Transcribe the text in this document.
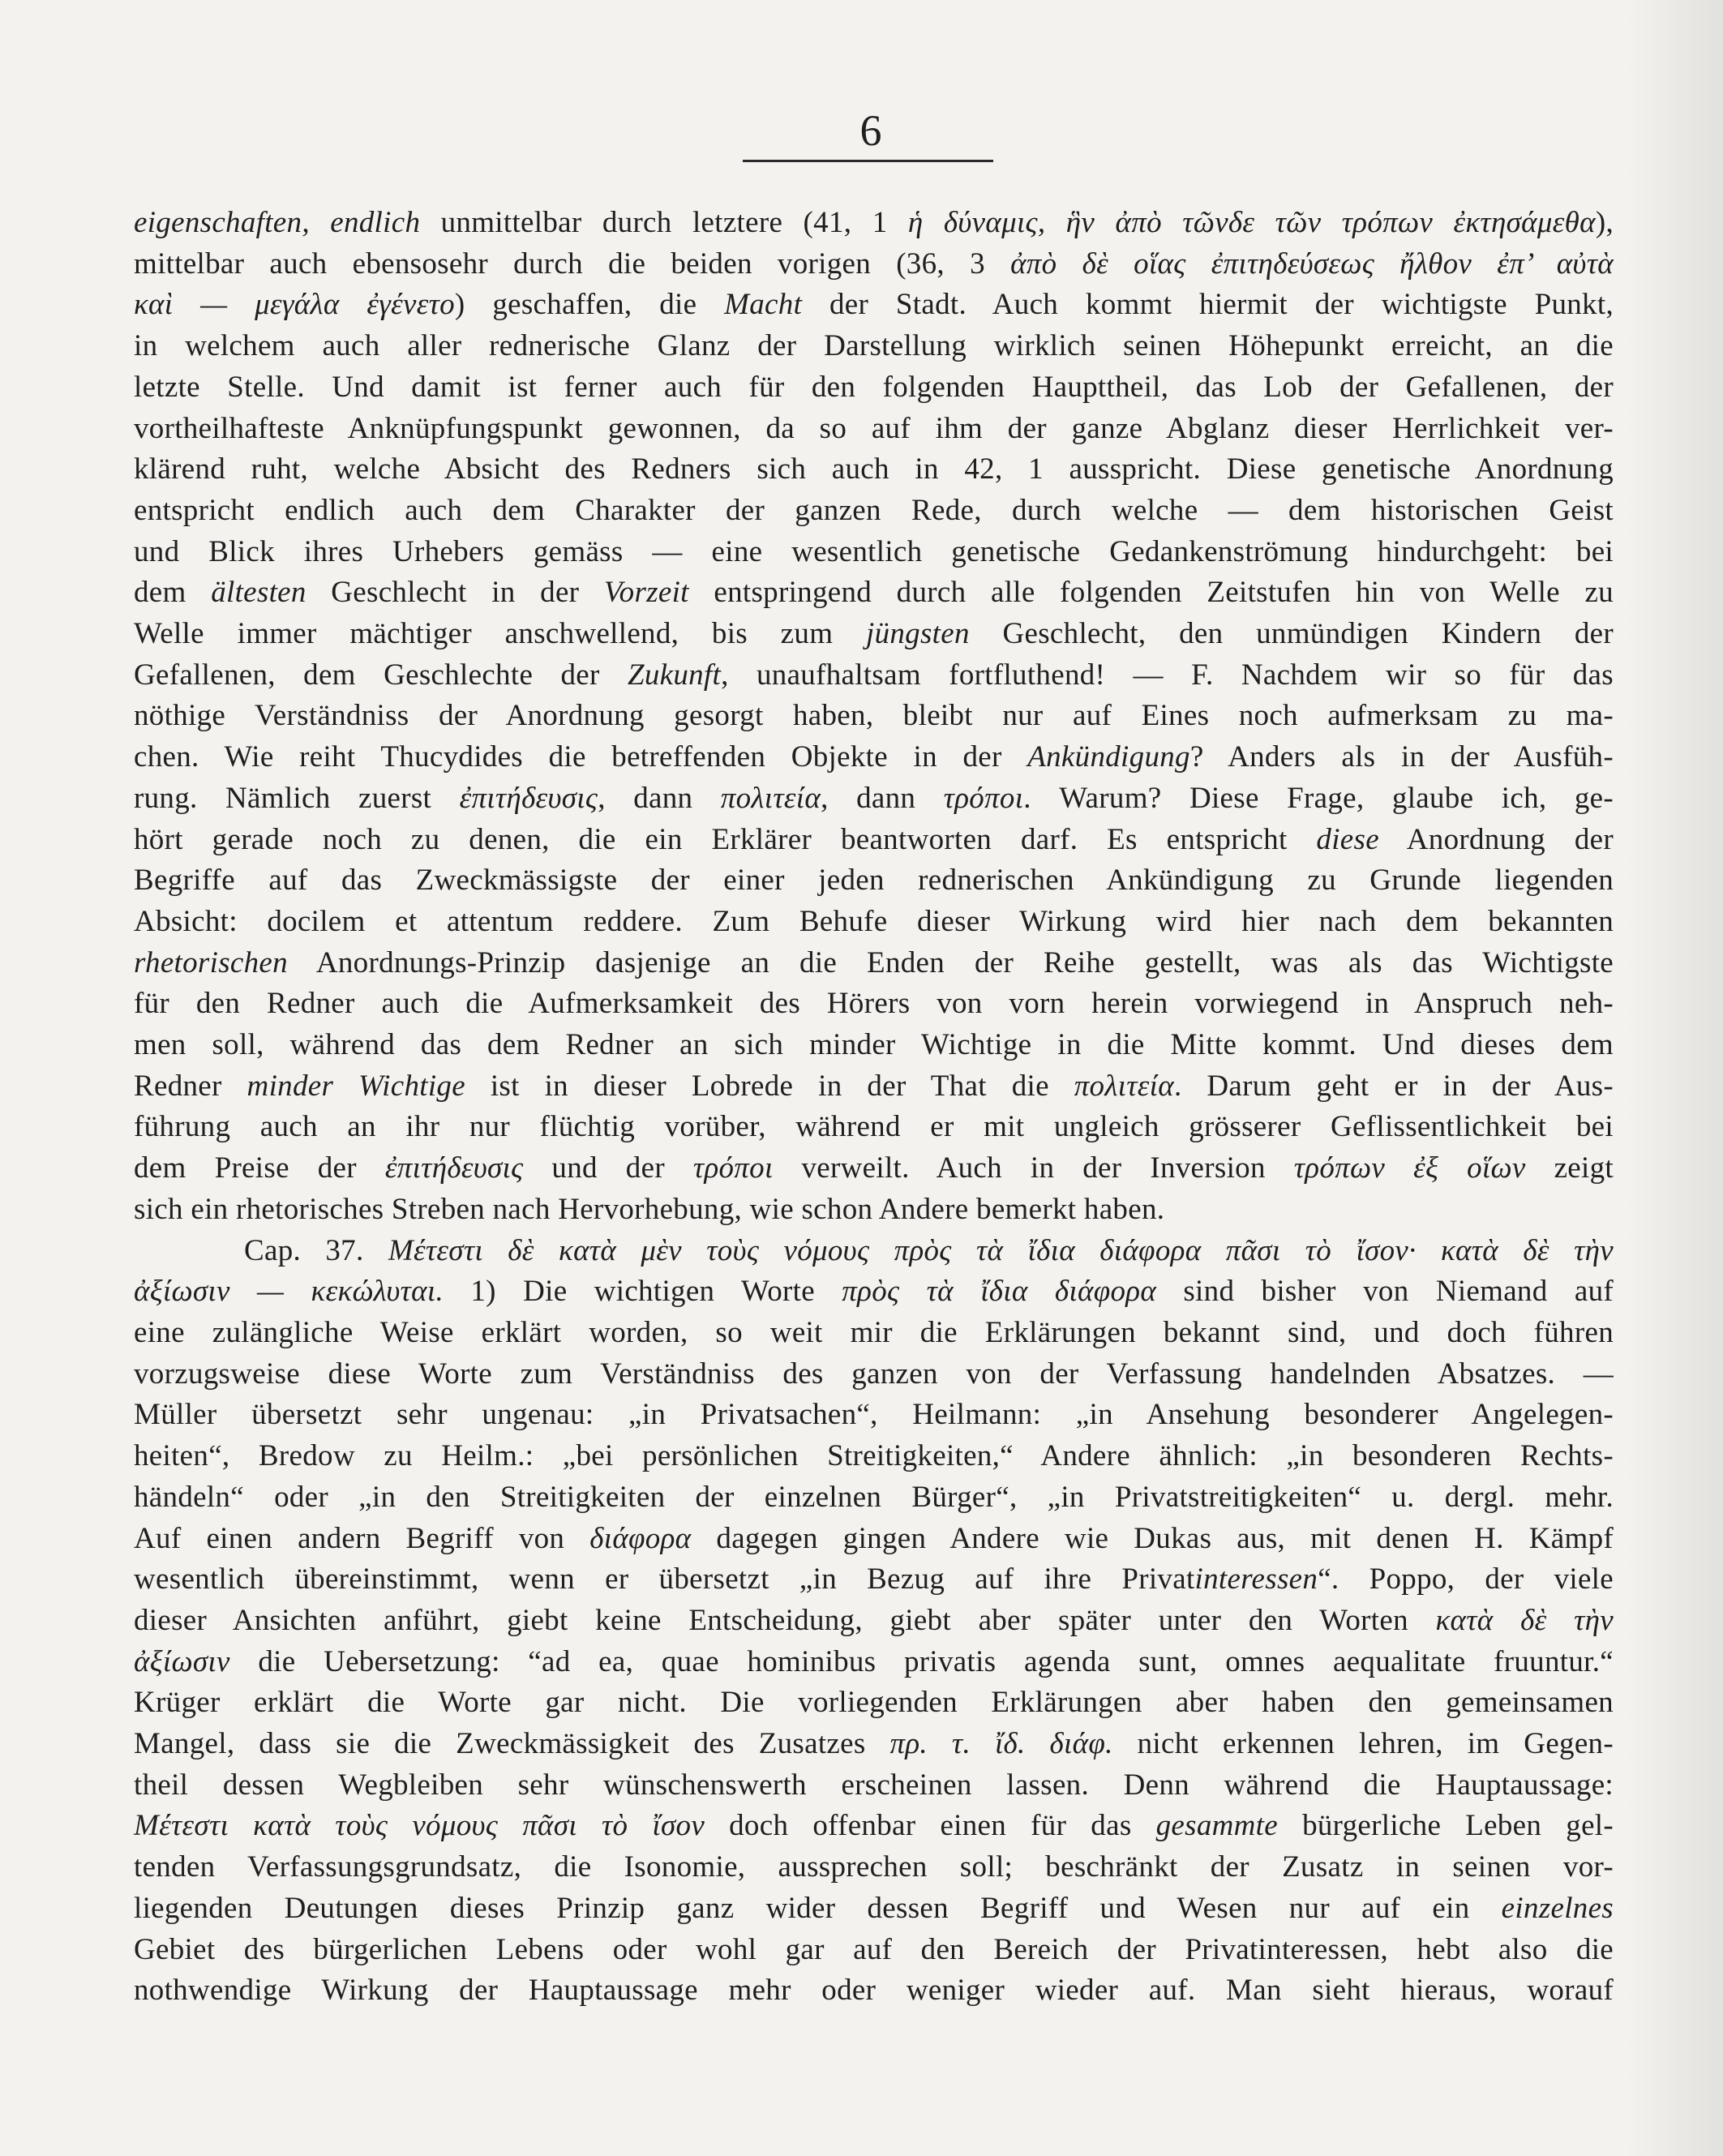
6
eigenschaften, endlich unmittelbar durch letztere (41, 1 ἡ δύναμις, ἣν ἀπὸ τῶνδε τῶν τρόπων ἐκτησάμεθα),
mittelbar auch ebensosehr durch die beiden vorigen (36, 3 ἀπὸ δὲ οἵας ἐπιτηδεύσεως ἤλθον ἐπ’ αὐτὰ
καὶ — μεγάλα ἐγένετο) geschaffen, die Macht der Stadt. Auch kommt hiermit der wichtigste Punkt,
in welchem auch aller rednerische Glanz der Darstellung wirklich seinen Höhepunkt erreicht, an die
letzte Stelle. Und damit ist ferner auch für den folgenden Haupttheil, das Lob der Gefallenen, der
vortheilhafteste Anknüpfungspunkt gewonnen, da so auf ihm der ganze Abglanz dieser Herrlichkeit ver-
klärend ruht, welche Absicht des Redners sich auch in 42, 1 ausspricht. Diese genetische Anordnung
entspricht endlich auch dem Charakter der ganzen Rede, durch welche — dem historischen Geist
und Blick ihres Urhebers gemäss — eine wesentlich genetische Gedankenströmung hindurchgeht: bei
dem ältesten Geschlecht in der Vorzeit entspringend durch alle folgenden Zeitstufen hin von Welle zu
Welle immer mächtiger anschwellend, bis zum jüngsten Geschlecht, den unmündigen Kindern der
Gefallenen, dem Geschlechte der Zukunft, unaufhaltsam fortfluthend! — F. Nachdem wir so für das
nöthige Verständniss der Anordnung gesorgt haben, bleibt nur auf Eines noch aufmerksam zu ma-
chen. Wie reiht Thucydides die betreffenden Objekte in der Ankündigung? Anders als in der Ausfüh-
rung. Nämlich zuerst ἐπιτήδευσις, dann πολιτεία, dann τρόποι. Warum? Diese Frage, glaube ich, ge-
hört gerade noch zu denen, die ein Erklärer beantworten darf. Es entspricht diese Anordnung der
Begriffe auf das Zweckmässigste der einer jeden rednerischen Ankündigung zu Grunde liegenden
Absicht: docilem et attentum reddere. Zum Behufe dieser Wirkung wird hier nach dem bekannten
rhetorischen Anordnungs-Prinzip dasjenige an die Enden der Reihe gestellt, was als das Wichtigste
für den Redner auch die Aufmerksamkeit des Hörers von vorn herein vorwiegend in Anspruch neh-
men soll, während das dem Redner an sich minder Wichtige in die Mitte kommt. Und dieses dem
Redner minder Wichtige ist in dieser Lobrede in der That die πολιτεία. Darum geht er in der Aus-
führung auch an ihr nur flüchtig vorüber, während er mit ungleich grösserer Geflissentlichkeit bei
dem Preise der ἐπιτήδευσις und der τρόποι verweilt. Auch in der Inversion τρόπων ἐξ οἵων zeigt
sich ein rhetorisches Streben nach Hervorhebung, wie schon Andere bemerkt haben.
Cap. 37. Μέτεστι δὲ κατὰ μὲν τοὺς νόμους πρὸς τὰ ἴδια διάφορα πᾶσι τὸ ἴσον· κατὰ δὲ τὴν
ἀξίωσιν — κεκώλυται. 1) Die wichtigen Worte πρὸς τὰ ἴδια διάφορα sind bisher von Niemand auf
eine zulängliche Weise erklärt worden, so weit mir die Erklärungen bekannt sind, und doch führen
vorzugsweise diese Worte zum Verständniss des ganzen von der Verfassung handelnden Absatzes. —
Müller übersetzt sehr ungenau: „in Privatsachen“, Heilmann: „in Ansehung besonderer Angelegen-
heiten“, Bredow zu Heilm.: „bei persönlichen Streitigkeiten,“ Andere ähnlich: „in besonderen Rechts-
händeln“ oder „in den Streitigkeiten der einzelnen Bürger“, „in Privatstreitigkeiten“ u. dergl. mehr.
Auf einen andern Begriff von διάφορα dagegen gingen Andere wie Dukas aus, mit denen H. Kämpf
wesentlich übereinstimmt, wenn er übersetzt „in Bezug auf ihre Privatinteressen“. Poppo, der viele
dieser Ansichten anführt, giebt keine Entscheidung, giebt aber später unter den Worten κατὰ δὲ τὴν
ἀξίωσιν die Uebersetzung: “ad ea, quae hominibus privatis agenda sunt, omnes aequalitate fruuntur.“
Krüger erklärt die Worte gar nicht. Die vorliegenden Erklärungen aber haben den gemeinsamen
Mangel, dass sie die Zweckmässigkeit des Zusatzes πρ. τ. ἴδ. διάφ. nicht erkennen lehren, im Gegen-
theil dessen Wegbleiben sehr wünschenswerth erscheinen lassen. Denn während die Hauptaussage:
Μέτεστι κατὰ τοὺς νόμους πᾶσι τὸ ἴσον doch offenbar einen für das gesammte bürgerliche Leben gel-
tenden Verfassungsgrundsatz, die Isonomie, aussprechen soll; beschränkt der Zusatz in seinen vor-
liegenden Deutungen dieses Prinzip ganz wider dessen Begriff und Wesen nur auf ein einzelnes
Gebiet des bürgerlichen Lebens oder wohl gar auf den Bereich der Privatinteressen, hebt also die
nothwendige Wirkung der Hauptaussage mehr oder weniger wieder auf. Man sieht hieraus, worauf
